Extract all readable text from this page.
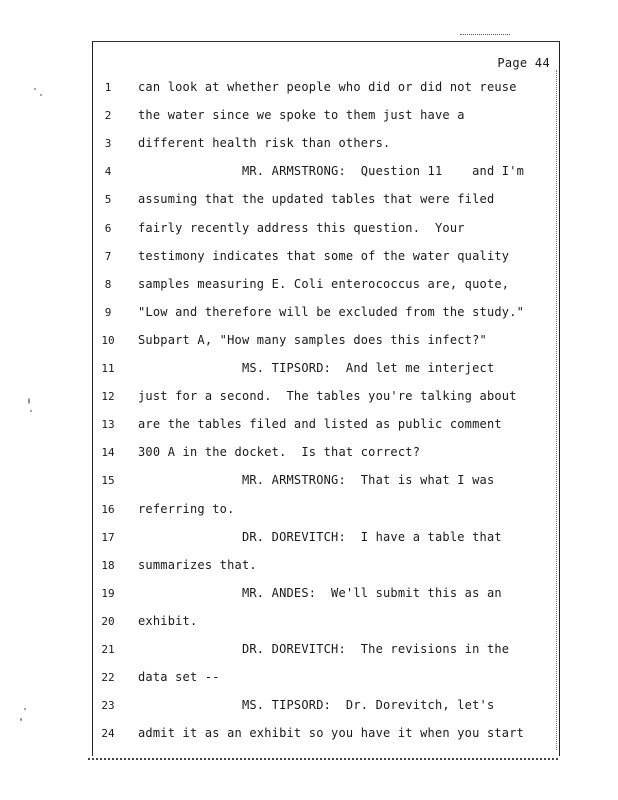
Page 44
1	can look at whether people who did or did not reuse
2	the water since we spoke to them just have a
3	different health risk than others.
4	MR. ARMSTRONG:  Question 11    and I'm
5	assuming that the updated tables that were filed
6	fairly recently address this question.  Your
7	testimony indicates that some of the water quality
8	samples measuring E. Coli enterococcus are, quote,
9	"Low and therefore will be excluded from the study."
10	Subpart A, "How many samples does this infect?"
11	MS. TIPSORD:  And let me interject
12	just for a second.  The tables you're talking about
13	are the tables filed and listed as public comment
14	300 A in the docket.  Is that correct?
15	MR. ARMSTRONG:  That is what I was
16	referring to.
17	DR. DOREVITCH:  I have a table that
18	summarizes that.
19	MR. ANDES:  We'll submit this as an
20	exhibit.
21	DR. DOREVITCH:  The revisions in the
22	data set --
23	MS. TIPSORD:  Dr. Dorevitch, let's
24	admit it as an exhibit so you have it when you start
